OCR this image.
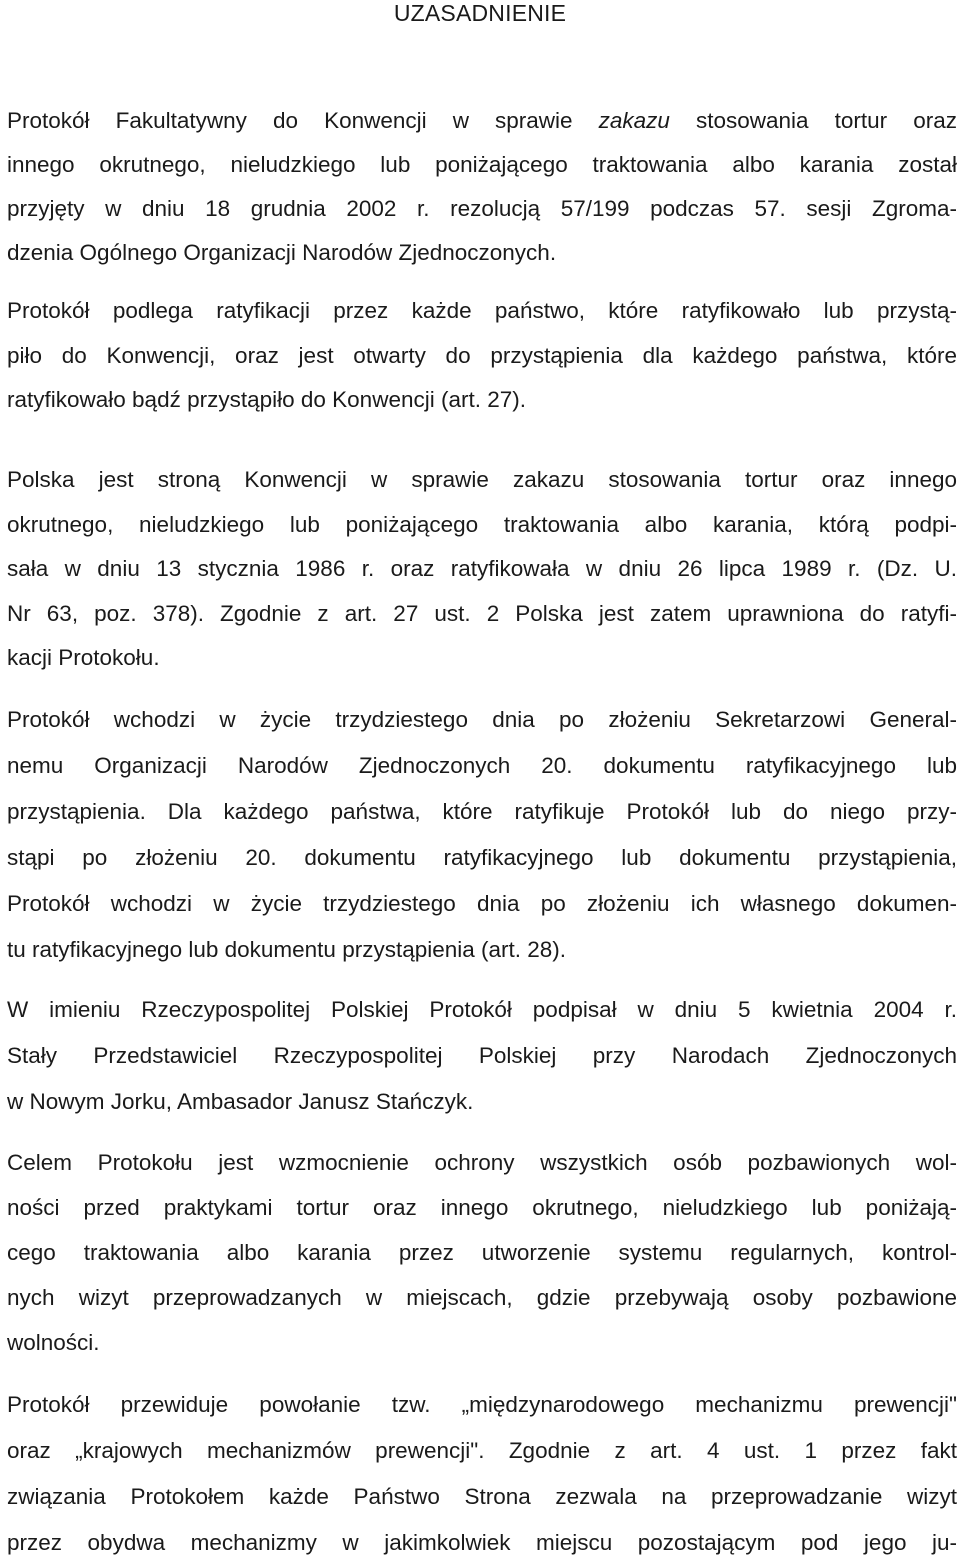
UZASADNIENIE
Protokół Fakultatywny do Konwencji w sprawie zakazu stosowania tortur oraz
innego okrutnego, nieludzkiego lub poniżającego traktowania albo karania został
przyjęty w dniu 18 grudnia 2002 r. rezolucją 57/199 podczas 57. sesji Zgroma-
dzenia Ogólnego Organizacji Narodów Zjednoczonych.
Protokół podlega ratyfikacji przez każde państwo, które ratyfikowało lub przystą-
piło do Konwencji, oraz jest otwarty do przystąpienia dla każdego państwa, które
ratyfikowało bądź przystąpiło do Konwencji (art. 27).
Polska jest stroną Konwencji w sprawie zakazu stosowania tortur oraz innego
okrutnego, nieludzkiego lub poniżającego traktowania albo karania, którą podpi-
sała w dniu 13 stycznia 1986 r. oraz ratyfikowała w dniu 26 lipca 1989 r. (Dz. U.
Nr 63, poz. 378). Zgodnie z art. 27 ust. 2 Polska jest zatem uprawniona do ratyfi-
kacji Protokołu.
Protokół wchodzi w życie trzydziestego dnia po złożeniu Sekretarzowi General-
nemu Organizacji Narodów Zjednoczonych 20. dokumentu ratyfikacyjnego lub
przystąpienia. Dla każdego państwa, które ratyfikuje Protokół lub do niego przy-
stąpi po złożeniu 20. dokumentu ratyfikacyjnego lub dokumentu przystąpienia,
Protokół wchodzi w życie trzydziestego dnia po złożeniu ich własnego dokumen-
tu ratyfikacyjnego lub dokumentu przystąpienia (art. 28).
W imieniu Rzeczypospolitej Polskiej Protokół podpisał w dniu 5 kwietnia 2004 r.
Stały Przedstawiciel Rzeczypospolitej Polskiej przy Narodach Zjednoczonych
w Nowym Jorku, Ambasador Janusz Stańczyk.
Celem Protokołu jest wzmocnienie ochrony wszystkich osób pozbawionych wol-
ności przed praktykami tortur oraz innego okrutnego, nieludzkiego lub poniżają-
cego traktowania albo karania przez utworzenie systemu regularnych, kontrol-
nych wizyt przeprowadzanych w miejscach, gdzie przebywają osoby pozbawione
wolności.
Protokół przewiduje powołanie tzw. „międzynarodowego mechanizmu prewencji"
oraz „krajowych mechanizmów prewencji". Zgodnie z art. 4 ust. 1 przez fakt
związania Protokołem każde Państwo Strona zezwala na przeprowadzanie wizyt
przez obydwa mechanizmy w jakimkolwiek miejscu pozostającym pod jego ju-
